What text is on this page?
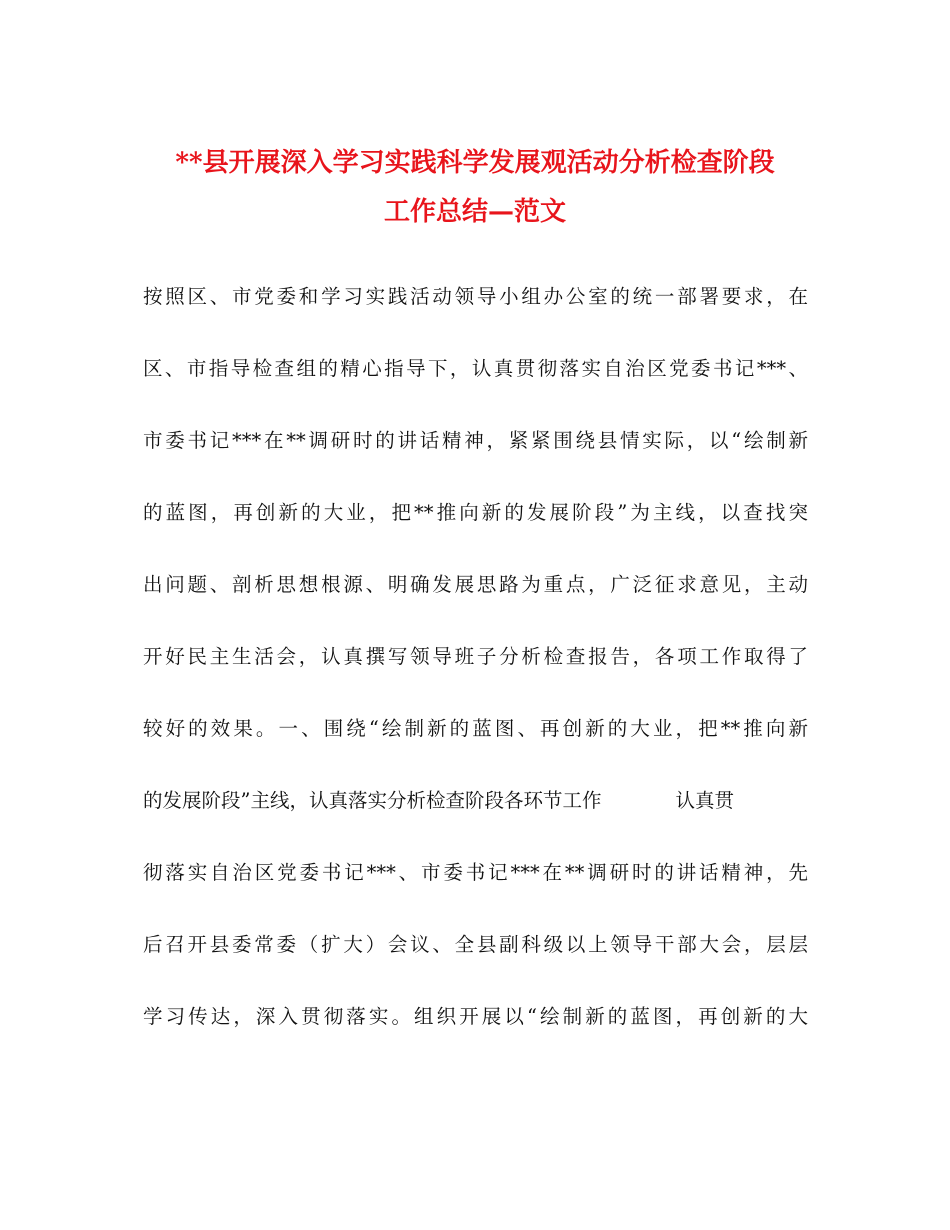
**县开展深入学习实践科学发展观活动分析检查阶段
工作总结—范文
按照区、市党委和学习实践活动领导小组办公室的统一部署要求，在
区、市指导检查组的精心指导下，认真贯彻落实自治区党委书记***、
市委书记***在**调研时的讲话精神，紧紧围绕县情实际，以“绘制新
的蓝图，再创新的大业，把**推向新的发展阶段”为主线，以查找突
出问题、剖析思想根源、明确发展思路为重点，广泛征求意见，主动
开好民主生活会，认真撰写领导班子分析检查报告，各项工作取得了
较好的效果。一、围绕“绘制新的蓝图、再创新的大业，把**推向新
的发展阶段”主线，认真落实分析检查阶段各环节工作	认真贯
彻落实自治区党委书记***、市委书记***在**调研时的讲话精神，先
后召开县委常委（扩大）会议、全县副科级以上领导干部大会，层层
学习传达，深入贯彻落实。组织开展以“绘制新的蓝图，再创新的大
